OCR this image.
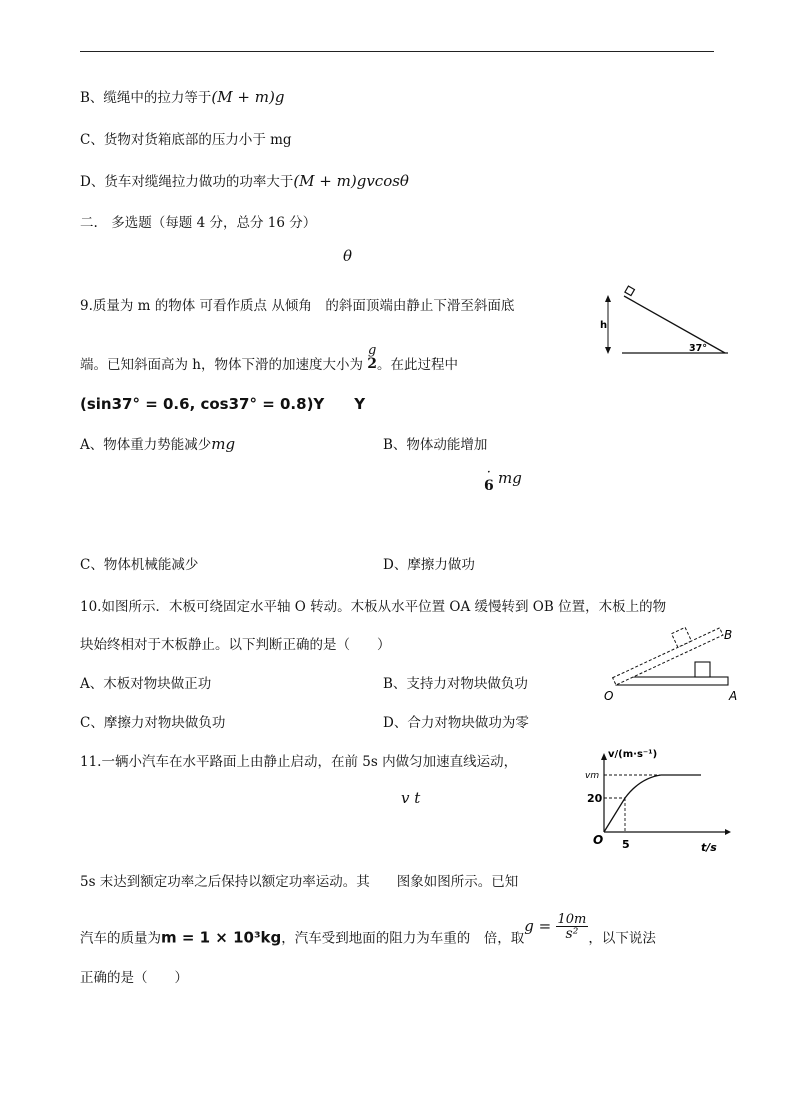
B、缆绳中的拉力等于(M + m)g
C、货物对货箱底部的压力小于 mg
D、货车对缆绳拉力做功的功率大于(M + m)gvcosθ
二.　多选题（每题 4 分，总分 16 分）
θ
9.质量为 m 的物体 可看作质点 从倾角　的斜面顶端由静止下滑至斜面底
端。已知斜面高为 h，物体下滑的加速度大小为
g
2 。在此过程中
(sin37° = 0.6, cos37° = 0.8)Y　　Y
A、物体重力势能减少mg	B、物体动能增加
·
6 mg
C、物体机械能减少	D、摩擦力做功
h
37°
10.如图所示．木板可绕固定水平轴 O 转动。木板从水平位置 OA 缓慢转到 OB 位置，木板上的物
块始终相对于木板静止。以下判断正确的是（　　）
A、木板对物块做正功	B、支持力对物块做负功
C、摩擦力对物块做负功	D、合力对物块做功为零
O	A
B
11.一辆小汽车在水平路面上由静止启动，在前 5s 内做匀加速直线运动，
v t
5s 末达到额定功率之后保持以额定功率运动。其　　图象如图所示。已知
汽车的质量为m = 1 × 10³kg，汽车受到地面的阻力为车重的　倍，取$g = \frac{10m}{\text{s²}}$ ，以下说法
正确的是（　　）
v/(m·s⁻¹)
vm
20
O 5	t/s
